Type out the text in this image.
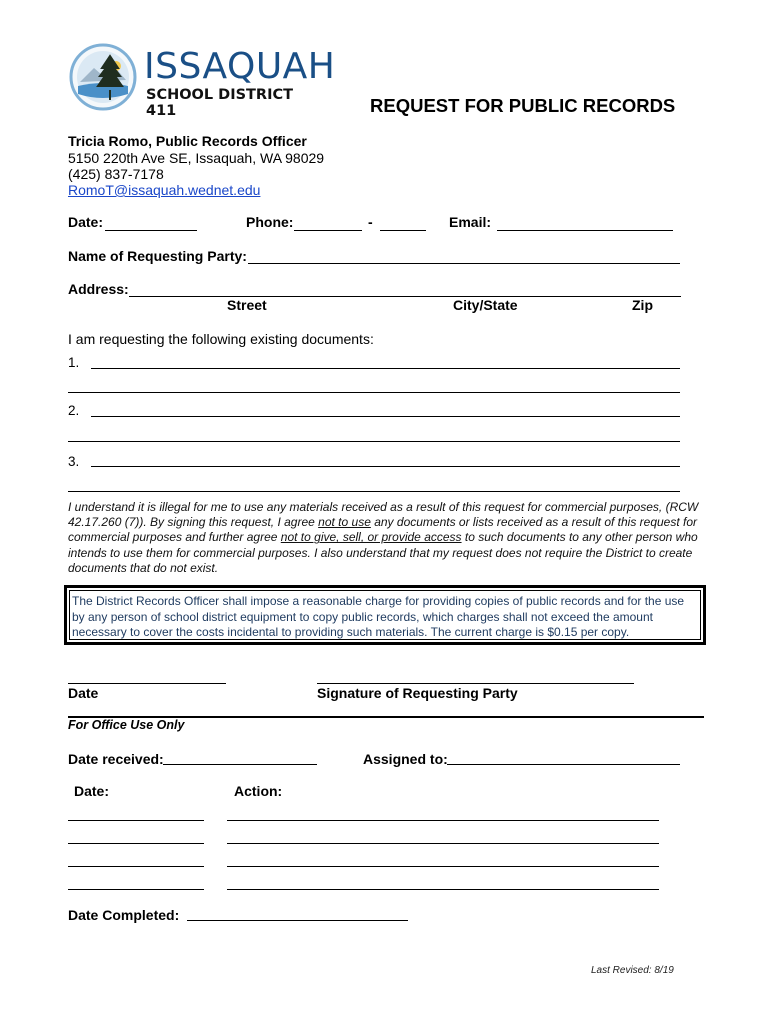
ISSAQUAH
SCHOOL DISTRICT 411	REQUEST FOR PUBLIC RECORDS
Tricia Romo, Public Records Officer
5150 220th Ave SE, Issaquah, WA 98029
(425) 837-7178
RomoT@issaquah.wednet.edu
Date:	Phone:	-	Email:
Name of Requesting Party:
Address:
Street	City/State	Zip
I am requesting the following existing documents:
1.
2.
3.
I understand it is illegal for me to use any materials received as a result of this request for commercial purposes, (RCW 42.17.260 (7)). By signing this request, I agree not to use any documents or lists received as a result of this request for commercial purposes and further agree not to give, sell, or provide access to such documents to any other person who intends to use them for commercial purposes. I also understand that my request does not require the District to create documents that do not exist.
The District Records Officer shall impose a reasonable charge for providing copies of public records and for the use by any person of school district equipment to copy public records, which charges shall not exceed the amount necessary to cover the costs incidental to providing such materials. The current charge is $0.15 per copy.
Date	Signature of Requesting Party
For Office Use Only
Date received:	Assigned to:
Date:	Action:
Date Completed:
Last Revised: 8/19
